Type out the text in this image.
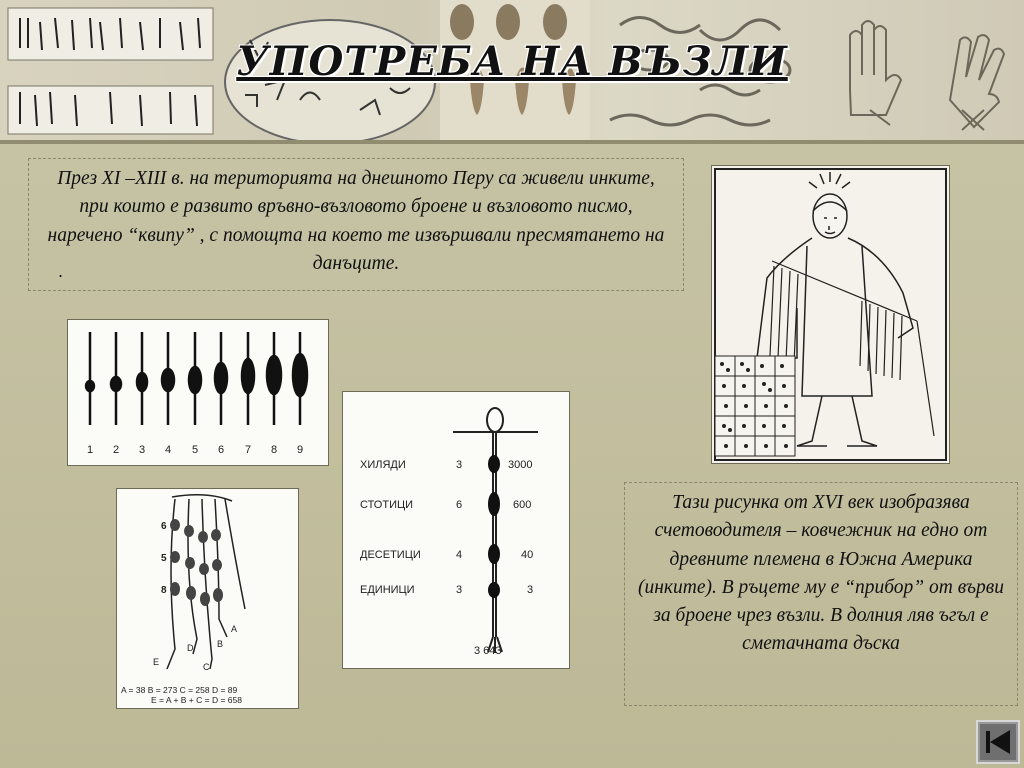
УПОТРЕБА НА ВЪЗЛИ
През XI –XIII в. на територията на днешното Перу са живели инките, при които е развито връвно-възловото броене и възловото писмо, наречено “квипу” , с помощта на което те извършвали пресмятането на данъците.
.
1 2 3 4 5 6 7 8 9
ХИЛЯДИ	3	3000
СТОТИЦИ	6	600
ДЕСЕТИЦИ	4	40
ЕДИНИЦИ	3	3
3 643
6
5
8
A
B
C
D
E
A = 38 B = 273 C = 258 D = 89
E = A + B + C = D = 658
Тази рисунка от XVI век изобразява счетоводителя – ковчежник на едно от древните племена в Южна Америка (инките). В ръцете му е “прибор” от върви за броене чрез възли. В долния ляв ъгъл е сметачната дъска
